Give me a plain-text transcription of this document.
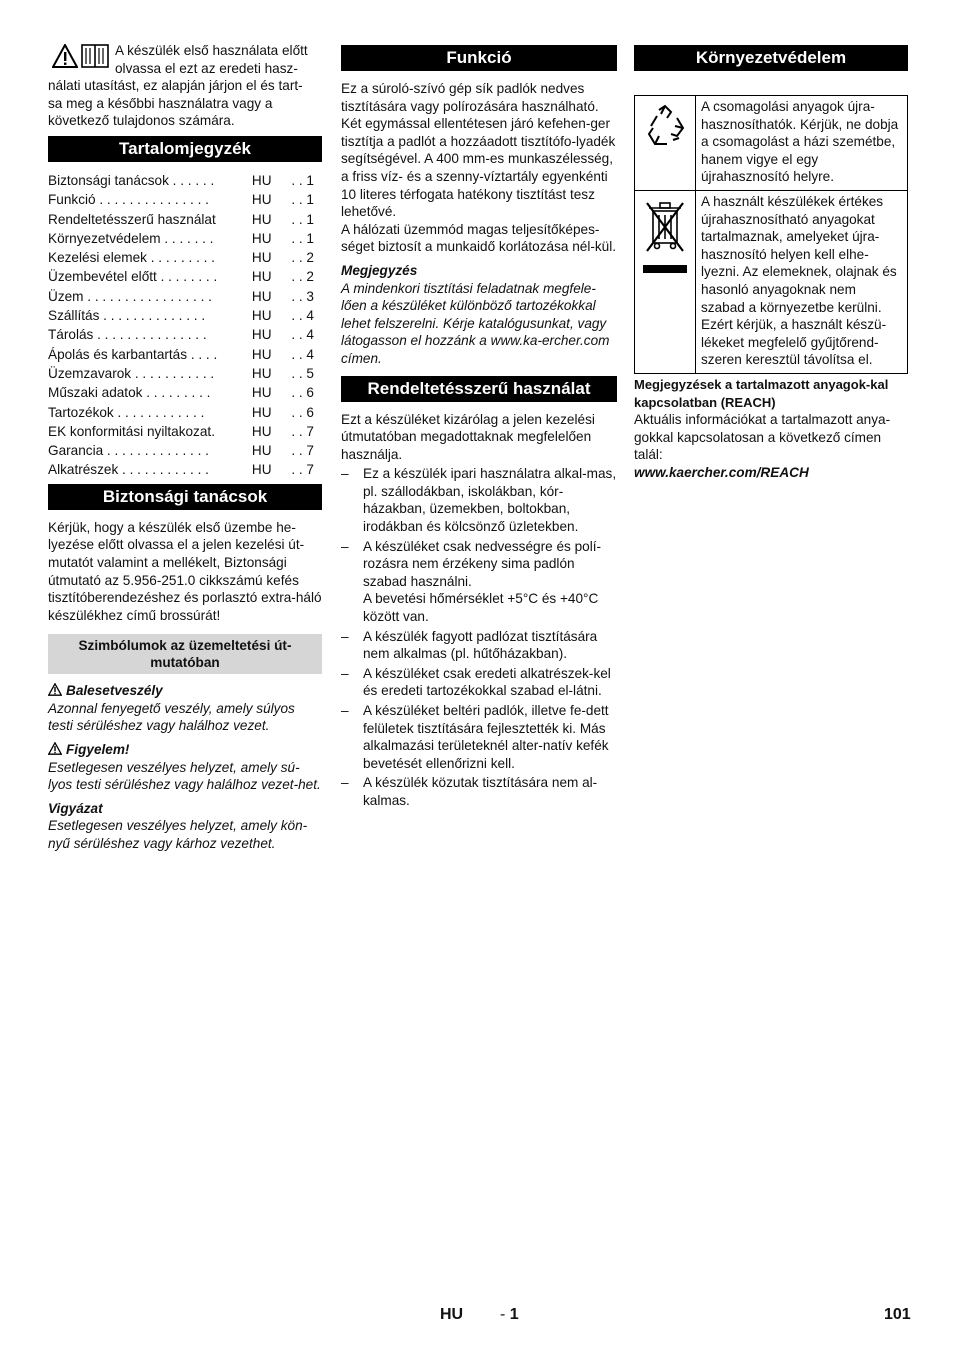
A készülék első használata előtt olvassa el ezt az eredeti hasz-

nálati utasítást, ez alapján járjon el és tart-

sa meg a későbbi használatra vagy a

következő tulajdonos számára.

Tartalomjegyzék
Biztonsági tanácsok . . . . . .	HU	. . 1
Funkció . . . . . . . . . . . . . . .	HU	. . 1
Rendeltetésszerű használat	HU	. . 1
Környezetvédelem . . . . . . .	HU	. . 1
Kezelési elemek . . . . . . . . .	HU	. . 2
Üzembevétel előtt . . . . . . . .	HU	. . 2
Üzem . . . . . . . . . . . . . . . . .	HU	. . 3
Szállítás . . . . . . . . . . . . . .	HU	. . 4
Tárolás . . . . . . . . . . . . . . .	HU	. . 4
Ápolás és karbantartás . . . .	HU	. . 4
Üzemzavarok . . . . . . . . . . .	HU	. . 5
Műszaki adatok . . . . . . . . .	HU	. . 6
Tartozékok . . . . . . . . . . . .	HU	. . 6
EK konformitási nyiltakozat.	HU	. . 7
Garancia . . . . . . . . . . . . . .	HU	. . 7
Alkatrészek . . . . . . . . . . . .	HU	. . 7
Biztonsági tanácsok

Kérjük, hogy a készülék első üzembe he-lyezése előtt olvassa el a jelen kezelési út-mutatót valamint a mellékelt, Biztonsági útmutató az 5.956-251.0 cikkszámú kefés tisztítóberendezéshez és porlasztó extra-háló készülékhez című brossúrát!

Szimbólumok az üzemeltetési út-mutatóban

Balesetveszély

Azonnal fenyegető veszély, amely súlyos testi sérüléshez vagy halálhoz vezet.

Figyelem!

Esetlegesen veszélyes helyzet, amely sú-lyos testi sérüléshez vagy halálhoz vezet-het.

Vigyázat

Esetlegesen veszélyes helyzet, amely kön-nyű sérüléshez vagy kárhoz vezethet.

Funkció

Ez a súroló-szívó gép sík padlók nedves tisztítására vagy polírozására használható. Két egymással ellentétesen járó kefehen-ger tisztítja a padlót a hozzáadott tisztítófo-lyadék segítségével. A 400 mm-es munkaszélesség, a friss víz- és a szenny-víztartály egyenkénti 10 literes térfogata hatékony tisztítást tesz lehetővé.

A hálózati üzemmód magas teljesítőképes-séget biztosít a munkaidő korlátozása nél-kül.

Megjegyzés

A mindenkori tisztítási feladatnak megfele-lően a készüléket különböző tartozékokkal lehet felszerelni. Kérje katalógusunkat, vagy látogasson el hozzánk a www.ka-ercher.com címen.

Rendeltetésszerű használat

Ezt a készüléket kizárólag a jelen kezelési útmutatóban megadottaknak megfelelően használja.

– Ez a készülék ipari használatra alkal-mas, pl. szállodákban, iskolákban, kór-házakban, üzemekben, boltokban, irodákban és kölcsönző üzletekben.
– A készüléket csak nedvességre és polí-rozásra nem érzékeny sima padlón szabad használni.
A bevetési hőmérséklet +5°C és +40°C között van.
– A készülék fagyott padlózat tisztítására nem alkalmas (pl. hűtőházakban).
– A készüléket csak eredeti alkatrészek-kel és eredeti tartozékokkal szabad el-látni.
– A készüléket beltéri padlók, illetve fe-dett felületek tisztítására fejlesztették ki. Más alkalmazási területeknél alter-natív kefék bevetését ellenőrizni kell.
– A készülék közutak tisztítására nem al-kalmas.
Környezetvédelem
	A csomagolási anyagok újra-hasznosíthatók. Kérjük, ne dobja a csomagolást a házi szemétbe, hanem vigye el egy újrahasznosító helyre.
	A használt készülékek értékes újrahasznosítható anyagokat tartalmaznak, amelyeket újra-hasznosító helyen kell elhe-lyezni. Az elemeknek, olajnak és hasonló anyagoknak nem szabad a környezetbe kerülni. Ezért kérjük, a használt készü-lékeket megfelelő gyűjtőrend-szeren keresztül távolítsa el.

Megjegyzések a tartalmazott anyagok-kal kapcsolatban (REACH)

Aktuális információkat a tartalmazott anya-gokkal kapcsolatosan a következő címen talál:

www.kaercher.com/REACH

HU - 1	101
